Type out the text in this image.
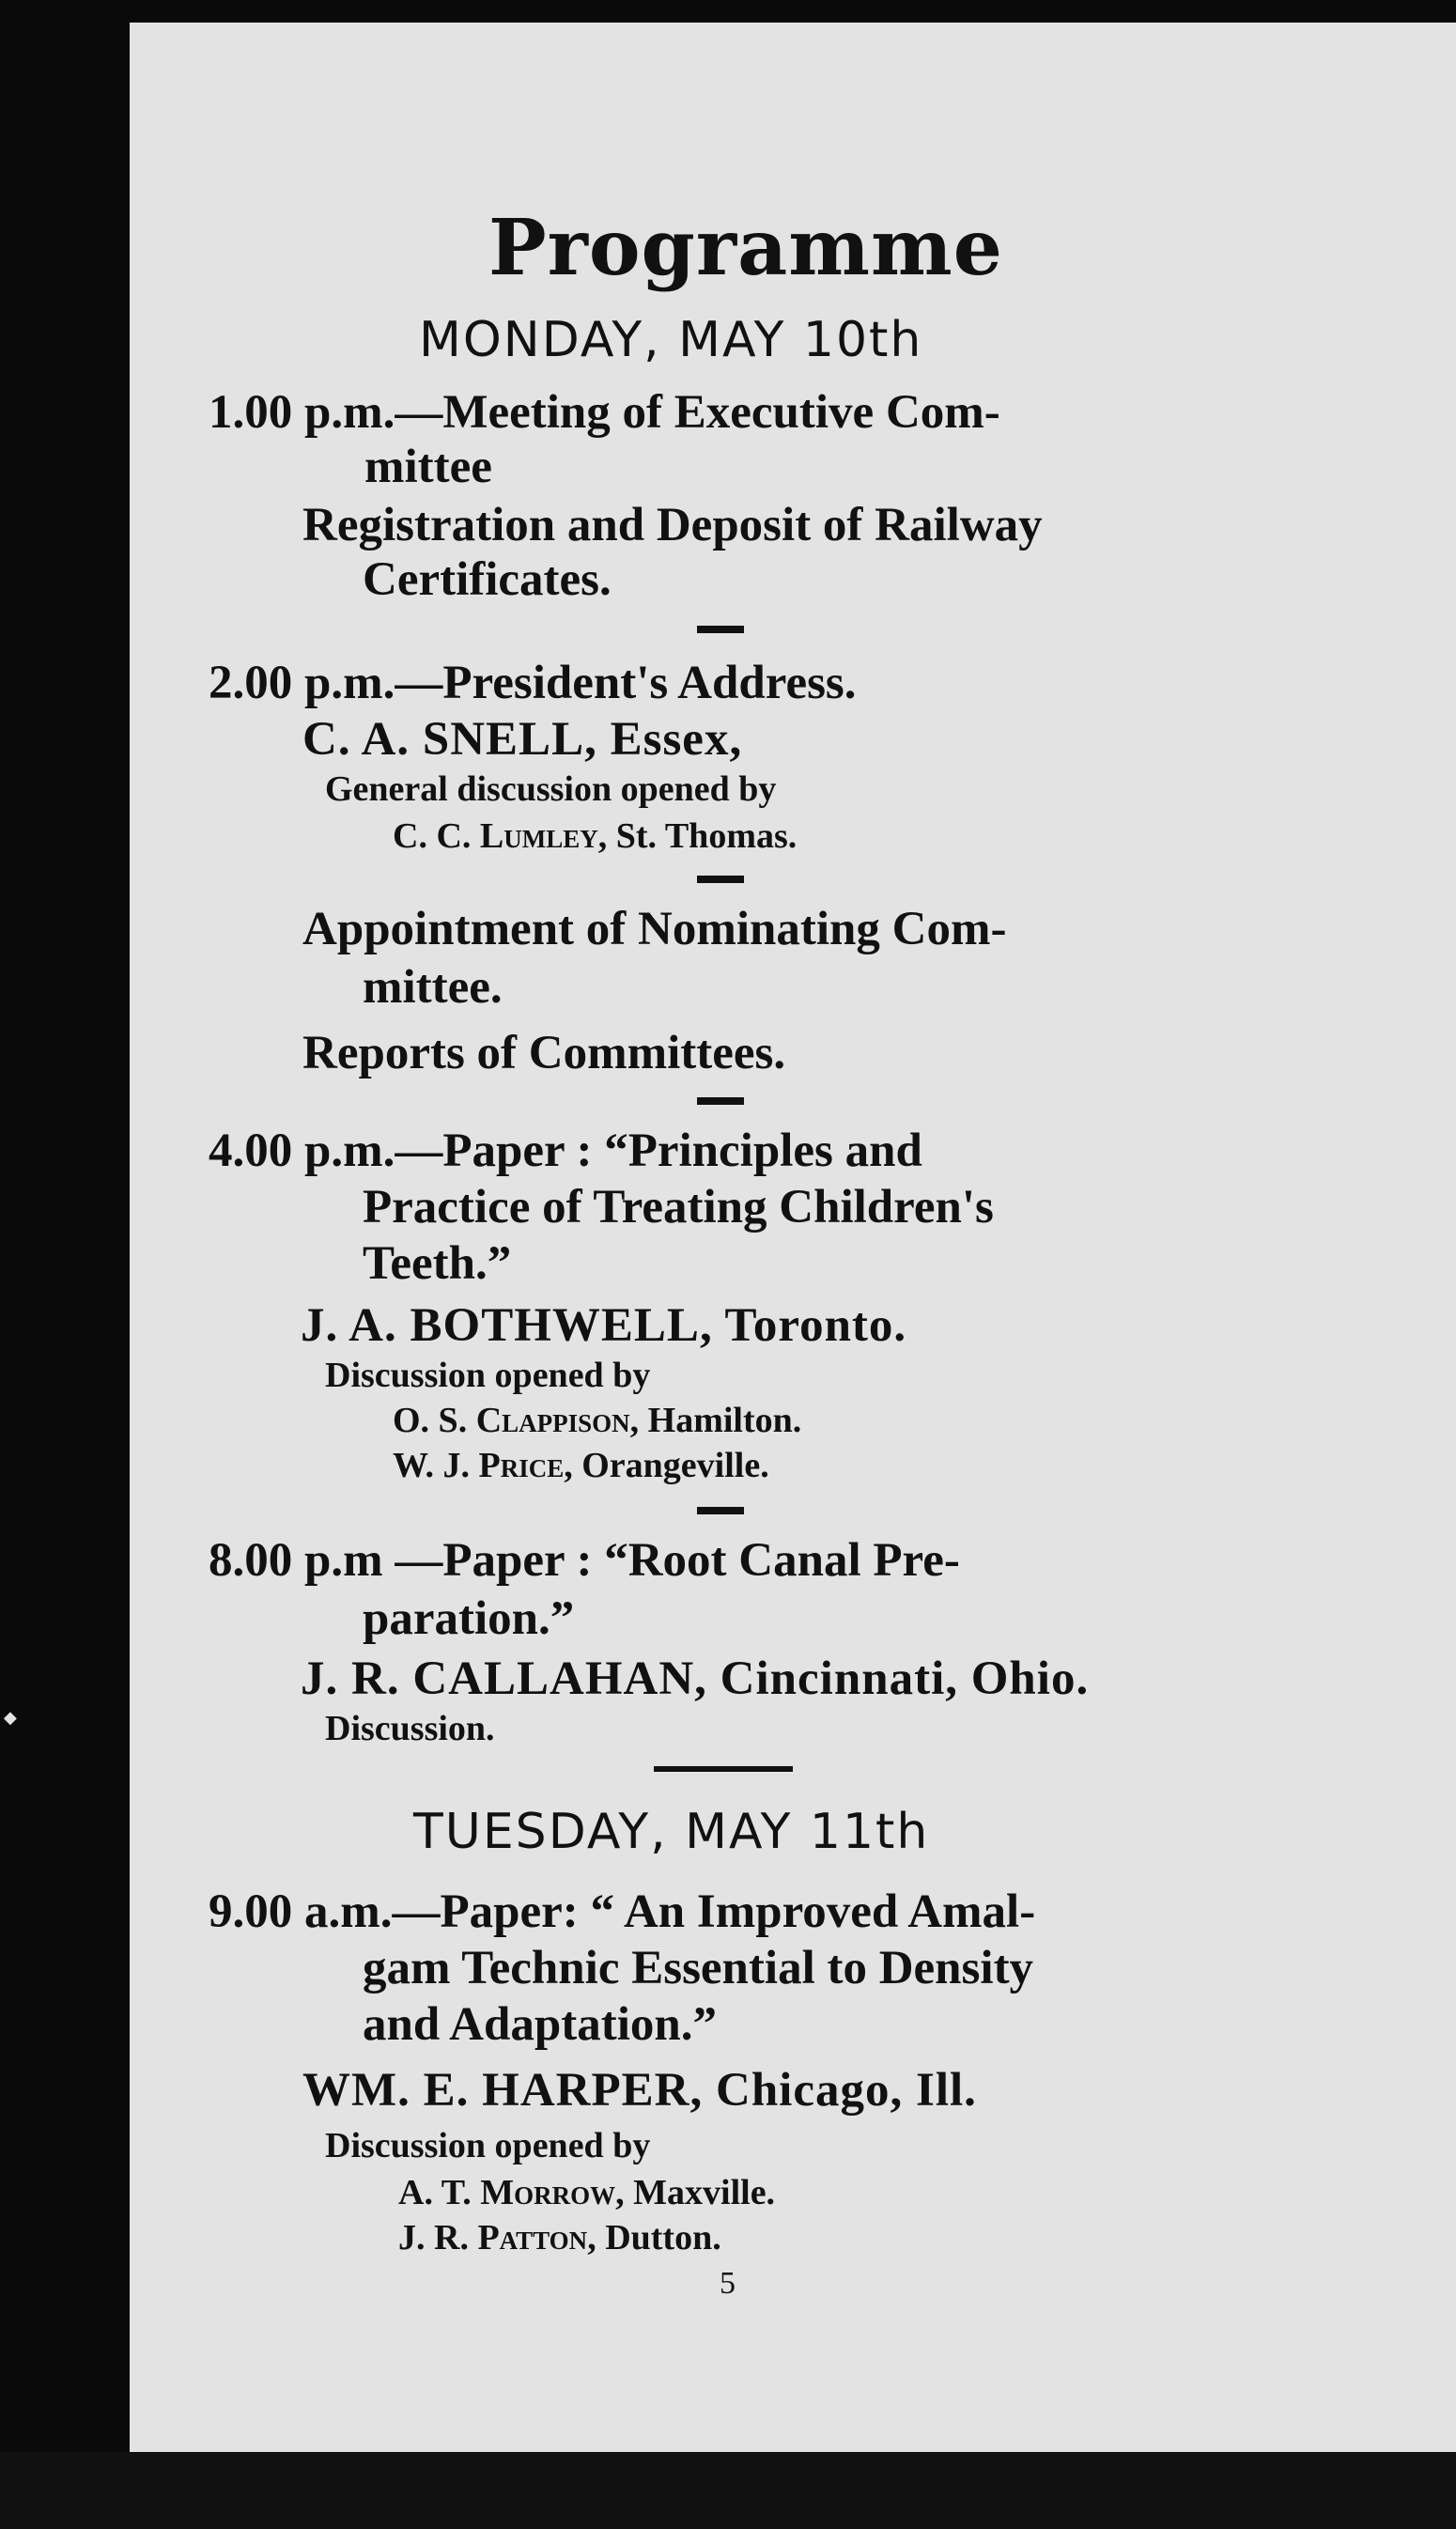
◆
Programme
MONDAY, MAY 10th
1.00 p.m.—Meeting of Executive Com-
mittee
Registration and Deposit of Railway
Certificates.
2.00 p.m.—President's Address.
C. A. SNELL, Essex,
General discussion opened by
C. C. Lumley, St. Thomas.
Appointment of Nominating Com-
mittee.
Reports of Committees.
4.00 p.m.—Paper : “Principles and
Practice of Treating Children's
Teeth.”
J. A. BOTHWELL, Toronto.
Discussion opened by
O. S. Clappison, Hamilton.
W. J. Price, Orangeville.
8.00 p.m —Paper : “Root Canal Pre-
paration.”
J. R. CALLAHAN, Cincinnati, Ohio.
Discussion.
TUESDAY, MAY 11th
9.00 a.m.—Paper: “ An Improved Amal-
gam Technic Essential to Density
and Adaptation.”
WM. E. HARPER, Chicago, Ill.
Discussion opened by
A. T. Morrow, Maxville.
J. R. Patton, Dutton.
5
